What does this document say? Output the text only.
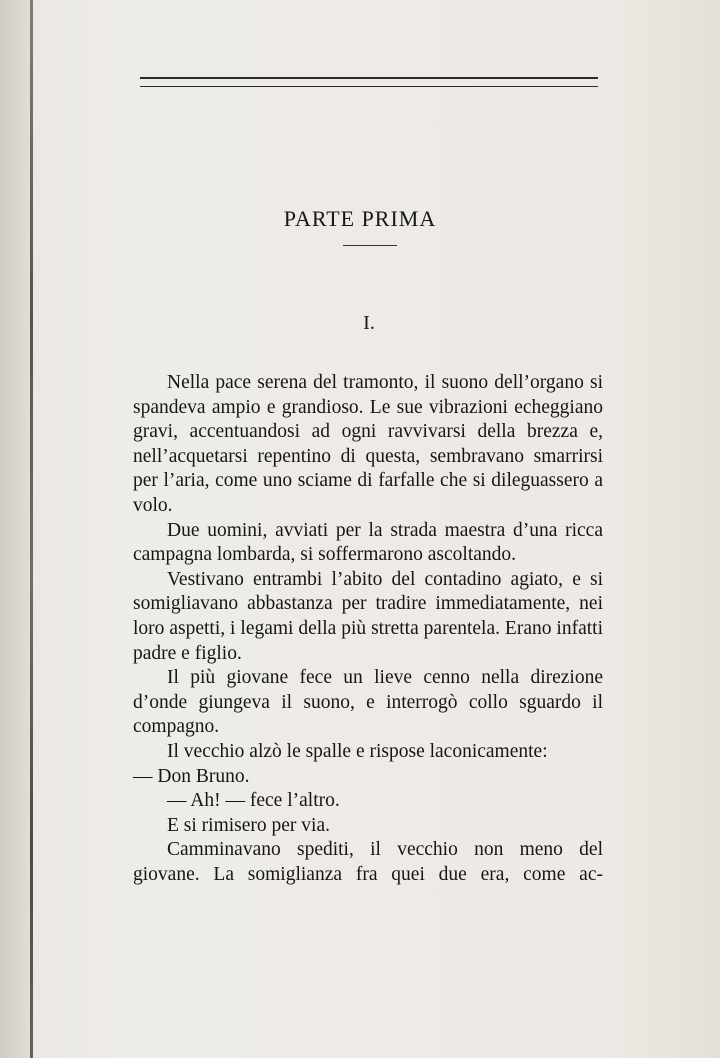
PARTE PRIMA
I.

Nella pace serena del tramonto, il suono dell’organo si spandeva ampio e grandioso. Le sue vibrazioni echeggiano gravi, accentuandosi ad ogni ravvivarsi della brezza e, nell’acquetarsi repentino di questa, sembravano smarrirsi per l’aria, come uno sciame di farfalle che si dileguassero a volo.

Due uomini, avviati per la strada maestra d’una ricca campagna lombarda, si soffermarono ascoltando.

Vestivano entrambi l’abito del contadino agiato, e si somigliavano abbastanza per tradire immediatamente, nei loro aspetti, i legami della più stretta parentela. Erano infatti padre e figlio.

Il più giovane fece un lieve cenno nella direzione d’onde giungeva il suono, e interrogò collo sguardo il compagno.

Il vecchio alzò le spalle e rispose laconicamente:

— Don Bruno.

— Ah! — fece l’altro.

E si rimisero per via.

Camminavano spediti, il vecchio non meno del giovane. La somiglianza fra quei due era, come ac-
